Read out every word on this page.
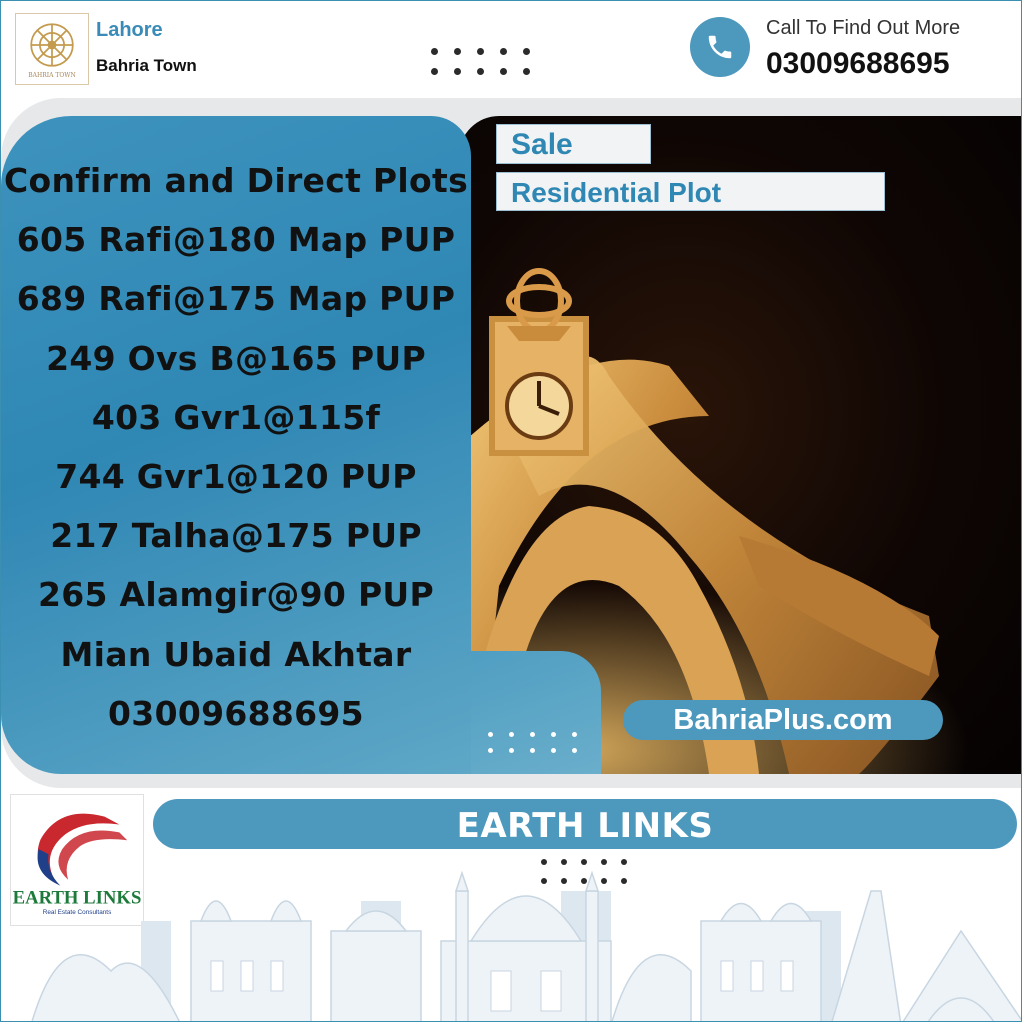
BAHRIA TOWN
Lahore
Bahria Town
Call To Find Out More
03009688695
Confirm and Direct Plots
605 Rafi@180 Map PUP
689 Rafi@175 Map PUP
249 Ovs B@165 PUP
403 Gvr1@115f
744 Gvr1@120 PUP
217 Talha@175 PUP
265 Alamgir@90 PUP
Mian Ubaid Akhtar
03009688695
Sale
Residential Plot
BahriaPlus.com
EARTH LINKS
Real Estate Consultants
EARTH LINKS
